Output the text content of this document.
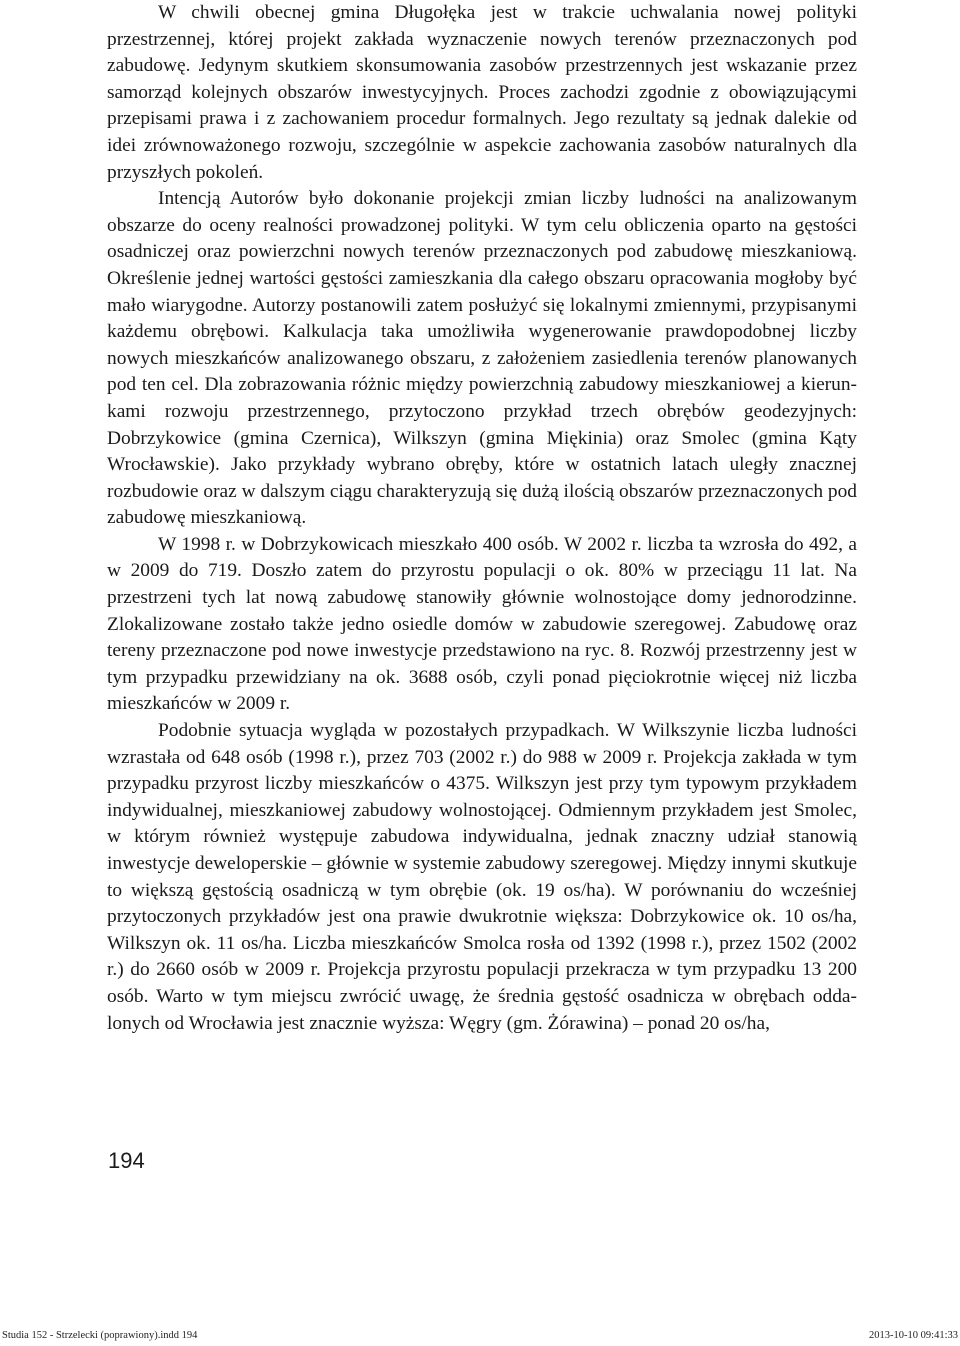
W chwili obecnej gmina Długołęka jest w trakcie uchwalania nowej polityki przestrzennej, której projekt zakłada wyznaczenie nowych terenów przeznaczonych pod zabudowę. Jedynym skutkiem skonsumowania zasobów przestrzennych jest wskazanie przez samorząd kolejnych obszarów inwestycyjnych. Proces zachodzi zgodnie z obowiązującymi przepisami prawa i z zachowaniem procedur formalnych. Jego rezultaty są jednak dalekie od idei zrównoważonego rozwoju, szczególnie w aspekcie zachowania zasobów naturalnych dla przyszłych pokoleń.

Intencją Autorów było dokonanie projekcji zmian liczby ludności na analizowanym obszarze do oceny realności prowadzonej polityki. W tym celu obliczenia oparto na gęstości osadniczej oraz powierzchni nowych terenów przeznaczonych pod zabudowę mieszkaniową. Określenie jednej wartości gęstości zamieszkania dla całego obszaru opracowania mogłoby być mało wiarygodne. Autorzy postanowili zatem posłużyć się lokalnymi zmiennymi, przypisanymi każdemu obrębowi. Kalkulacja taka umożliwiła wygenerowanie prawdopodobnej liczby nowych mieszkańców analizowanego obszaru, z założeniem zasiedlenia terenów planowanych pod ten cel. Dla zobrazowania różnic między powierzchnią zabudowy mieszkaniowej a kierunkami rozwoju przestrzennego, przytoczono przykład trzech obrębów geodezyjnych: Dobrzykowice (gmina Czernica), Wilkszyn (gmina Miękinia) oraz Smolec (gmina Kąty Wrocławskie). Jako przykłady wybrano obręby, które w ostatnich latach uległy znacznej rozbudowie oraz w dalszym ciągu charakteryzują się dużą ilością obszarów przeznaczonych pod zabudowę mieszkaniową.

W 1998 r. w Dobrzykowicach mieszkało 400 osób. W 2002 r. liczba ta wzrosła do 492, a w 2009 do 719. Doszło zatem do przyrostu populacji o ok. 80% w przeciągu 11 lat. Na przestrzeni tych lat nową zabudowę stanowiły głównie wolnostojące domy jednorodzinne. Zlokalizowane zostało także jedno osiedle domów w zabudowie szeregowej. Zabudowę oraz tereny przeznaczone pod nowe inwestycje przedstawiono na ryc. 8. Rozwój przestrzenny jest w tym przypadku przewidziany na ok. 3688 osób, czyli ponad pięciokrotnie więcej niż liczba mieszkańców w 2009 r.

Podobnie sytuacja wygląda w pozostałych przypadkach. W Wilkszynie liczba ludności wzrastała od 648 osób (1998 r.), przez 703 (2002 r.) do 988 w 2009 r. Projekcja zakłada w tym przypadku przyrost liczby mieszkańców o 4375. Wilkszyn jest przy tym typowym przykładem indywidualnej, mieszkaniowej zabudowy wolnostojącej. Odmiennym przykładem jest Smolec, w którym również występuje zabudowa indywidualna, jednak znaczny udział stanowią inwestycje deweloperskie – głównie w systemie zabudowy szeregowej. Między innymi skutkuje to większą gęstością osadniczą w tym obrębie (ok. 19 os/ha). W porównaniu do wcześniej przytoczonych przykładów jest ona prawie dwukrotnie większa: Dobrzykowice ok. 10 os/ha, Wilkszyn ok. 11 os/ha. Liczba mieszkańców Smolca rosła od 1392 (1998 r.), przez 1502 (2002 r.) do 2660 osób w 2009 r. Projekcja przyrostu populacji przekracza w tym przypadku 13 200 osób. Warto w tym miejscu zwrócić uwagę, że średnia gęstość osadnicza w obrębach oddalonych od Wrocławia jest znacznie wyższa: Węgry (gm. Żórawina) – ponad 20 os/ha,

194
Studia 152 - Strzelecki (poprawiony).indd 194	2013-10-10 09:41:33
